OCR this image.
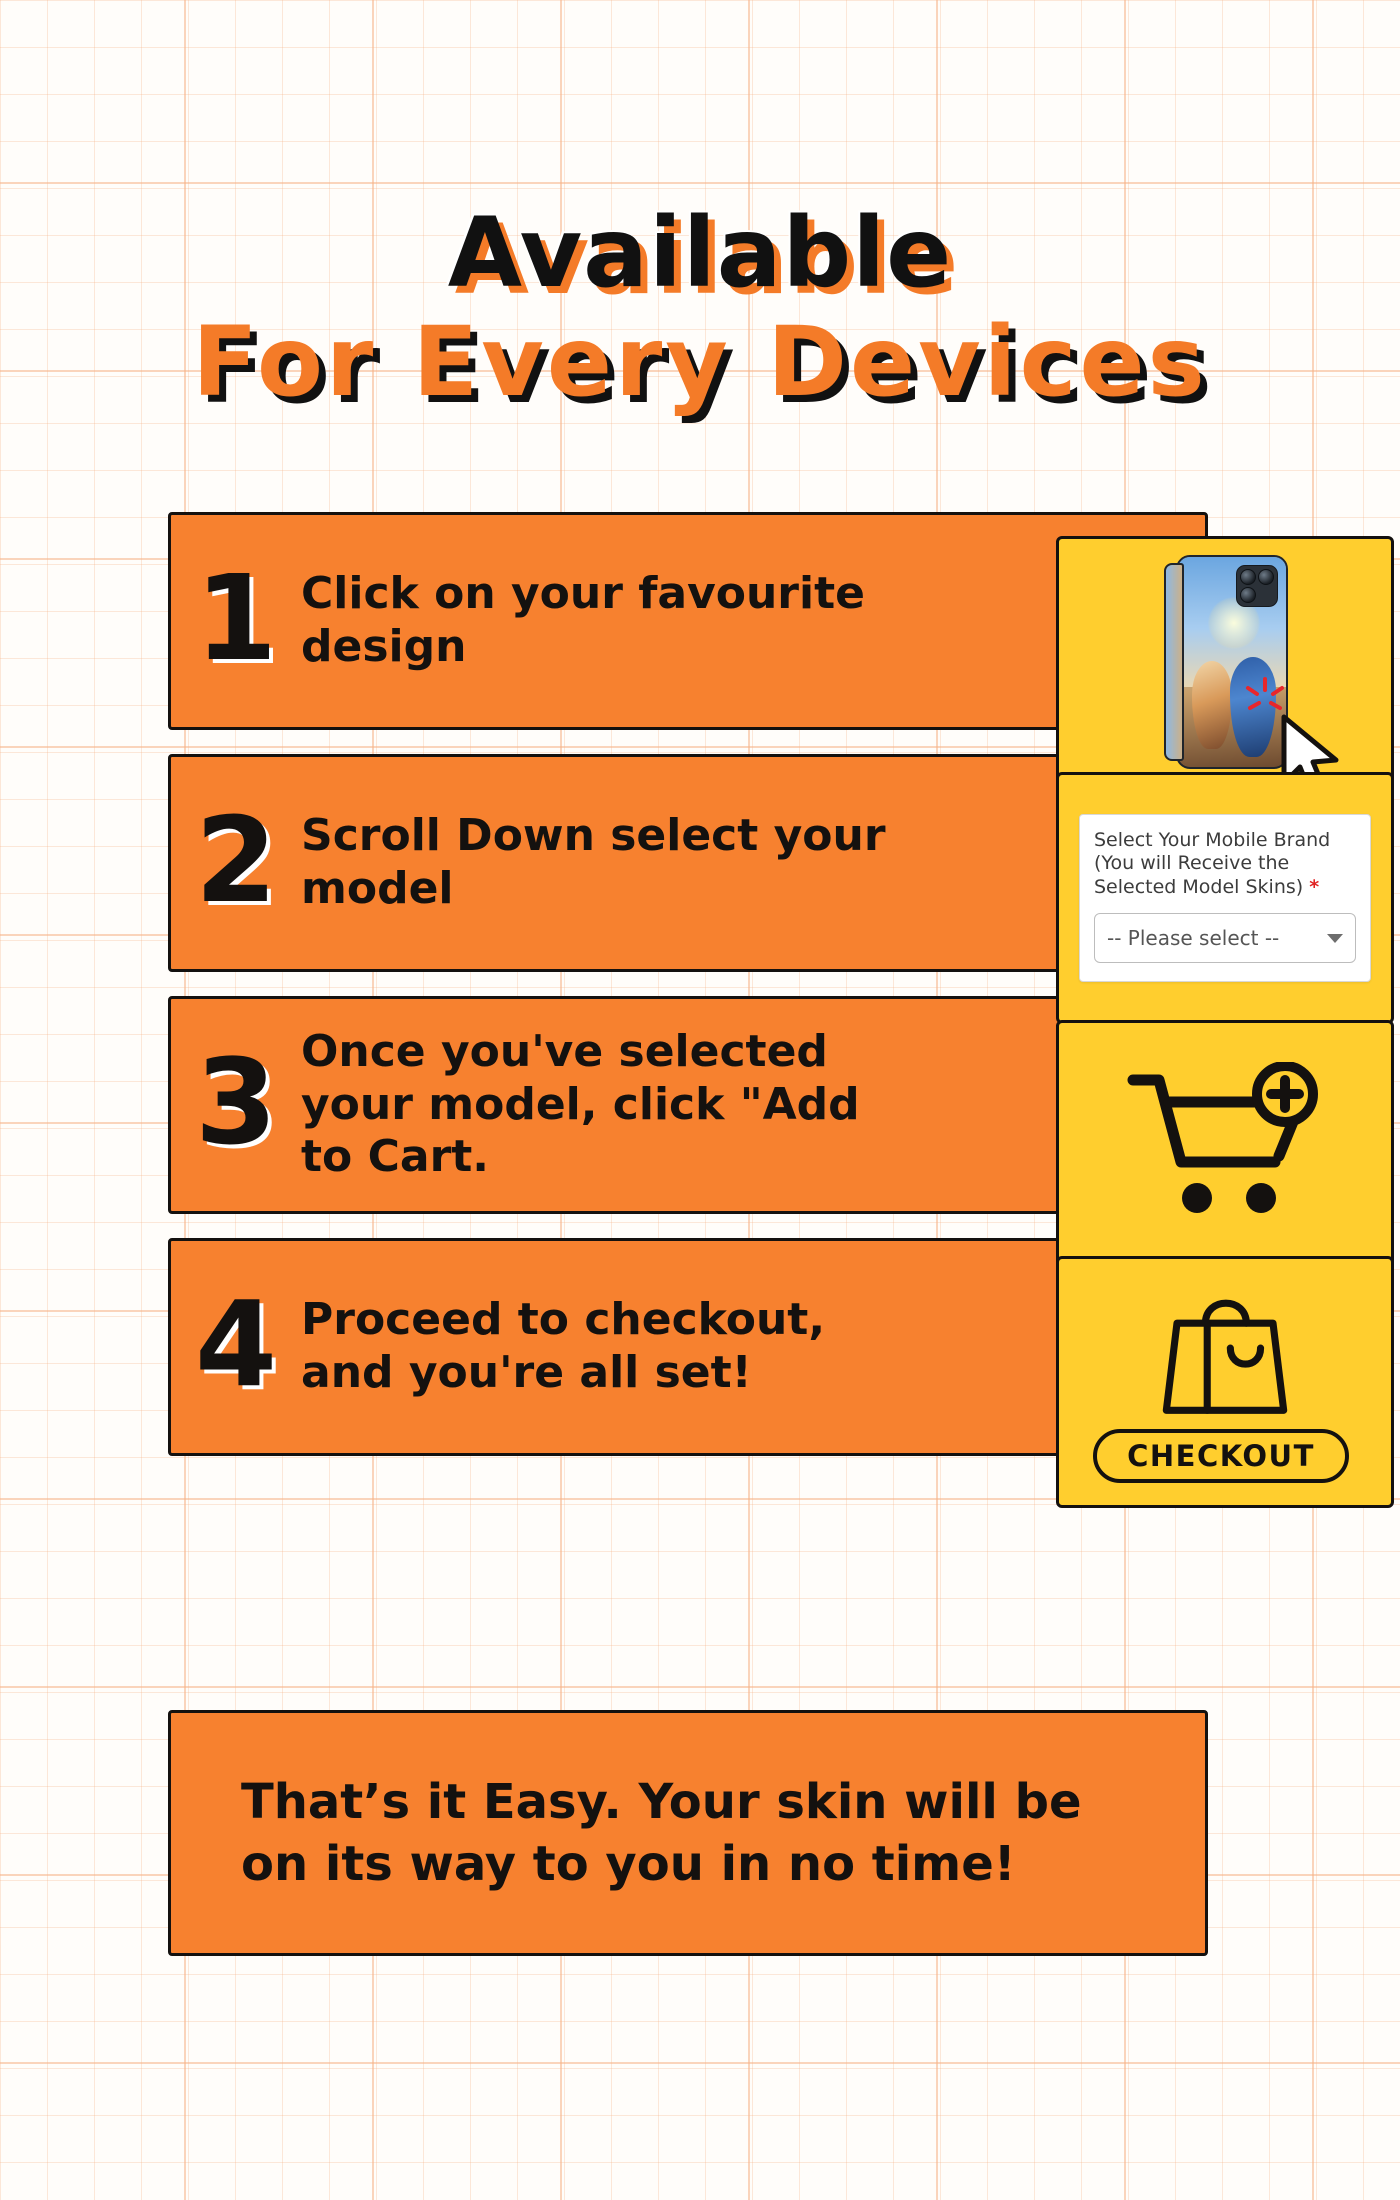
Available
For Every Devices
1 Click on your favourite design
2 Scroll Down select your model
Select Your Mobile Brand (You will Receive the Selected Model Skins) *
-- Please select --
3 Once you've selected your model, click "Add to Cart.
4 Proceed to checkout, and you're all set!
CHECKOUT

That’s it Easy. Your skin will be on its way to you in no time!
